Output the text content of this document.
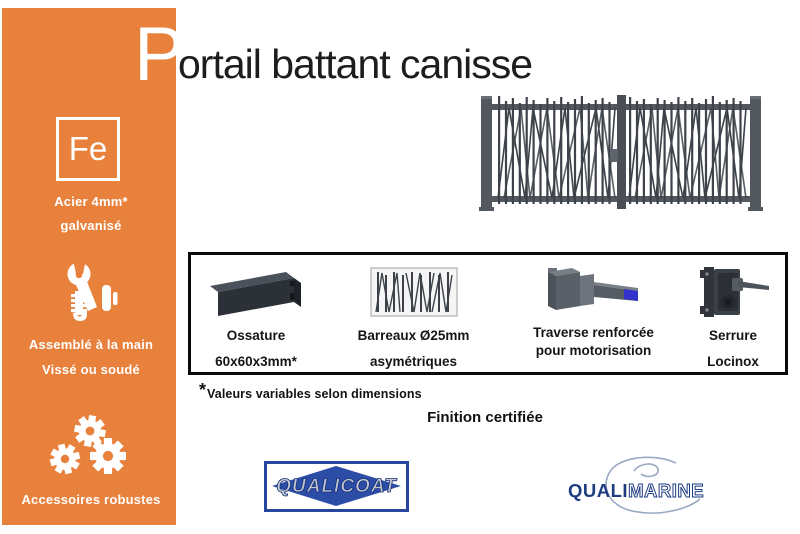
Fe
Acier 4mm*
galvanisé
Assemblé à la main
Vissé ou soudé
Accessoires robustes
P
ortail battant canisse
Ossature
60x60x3mm*
Barreaux Ø25mm
asymétriques
Traverse renforcée
pour motorisation
Serrure
Locinox
* Valeurs variables selon dimensions
Finition certifiée
QUALICOAT	QUALIMARINE
